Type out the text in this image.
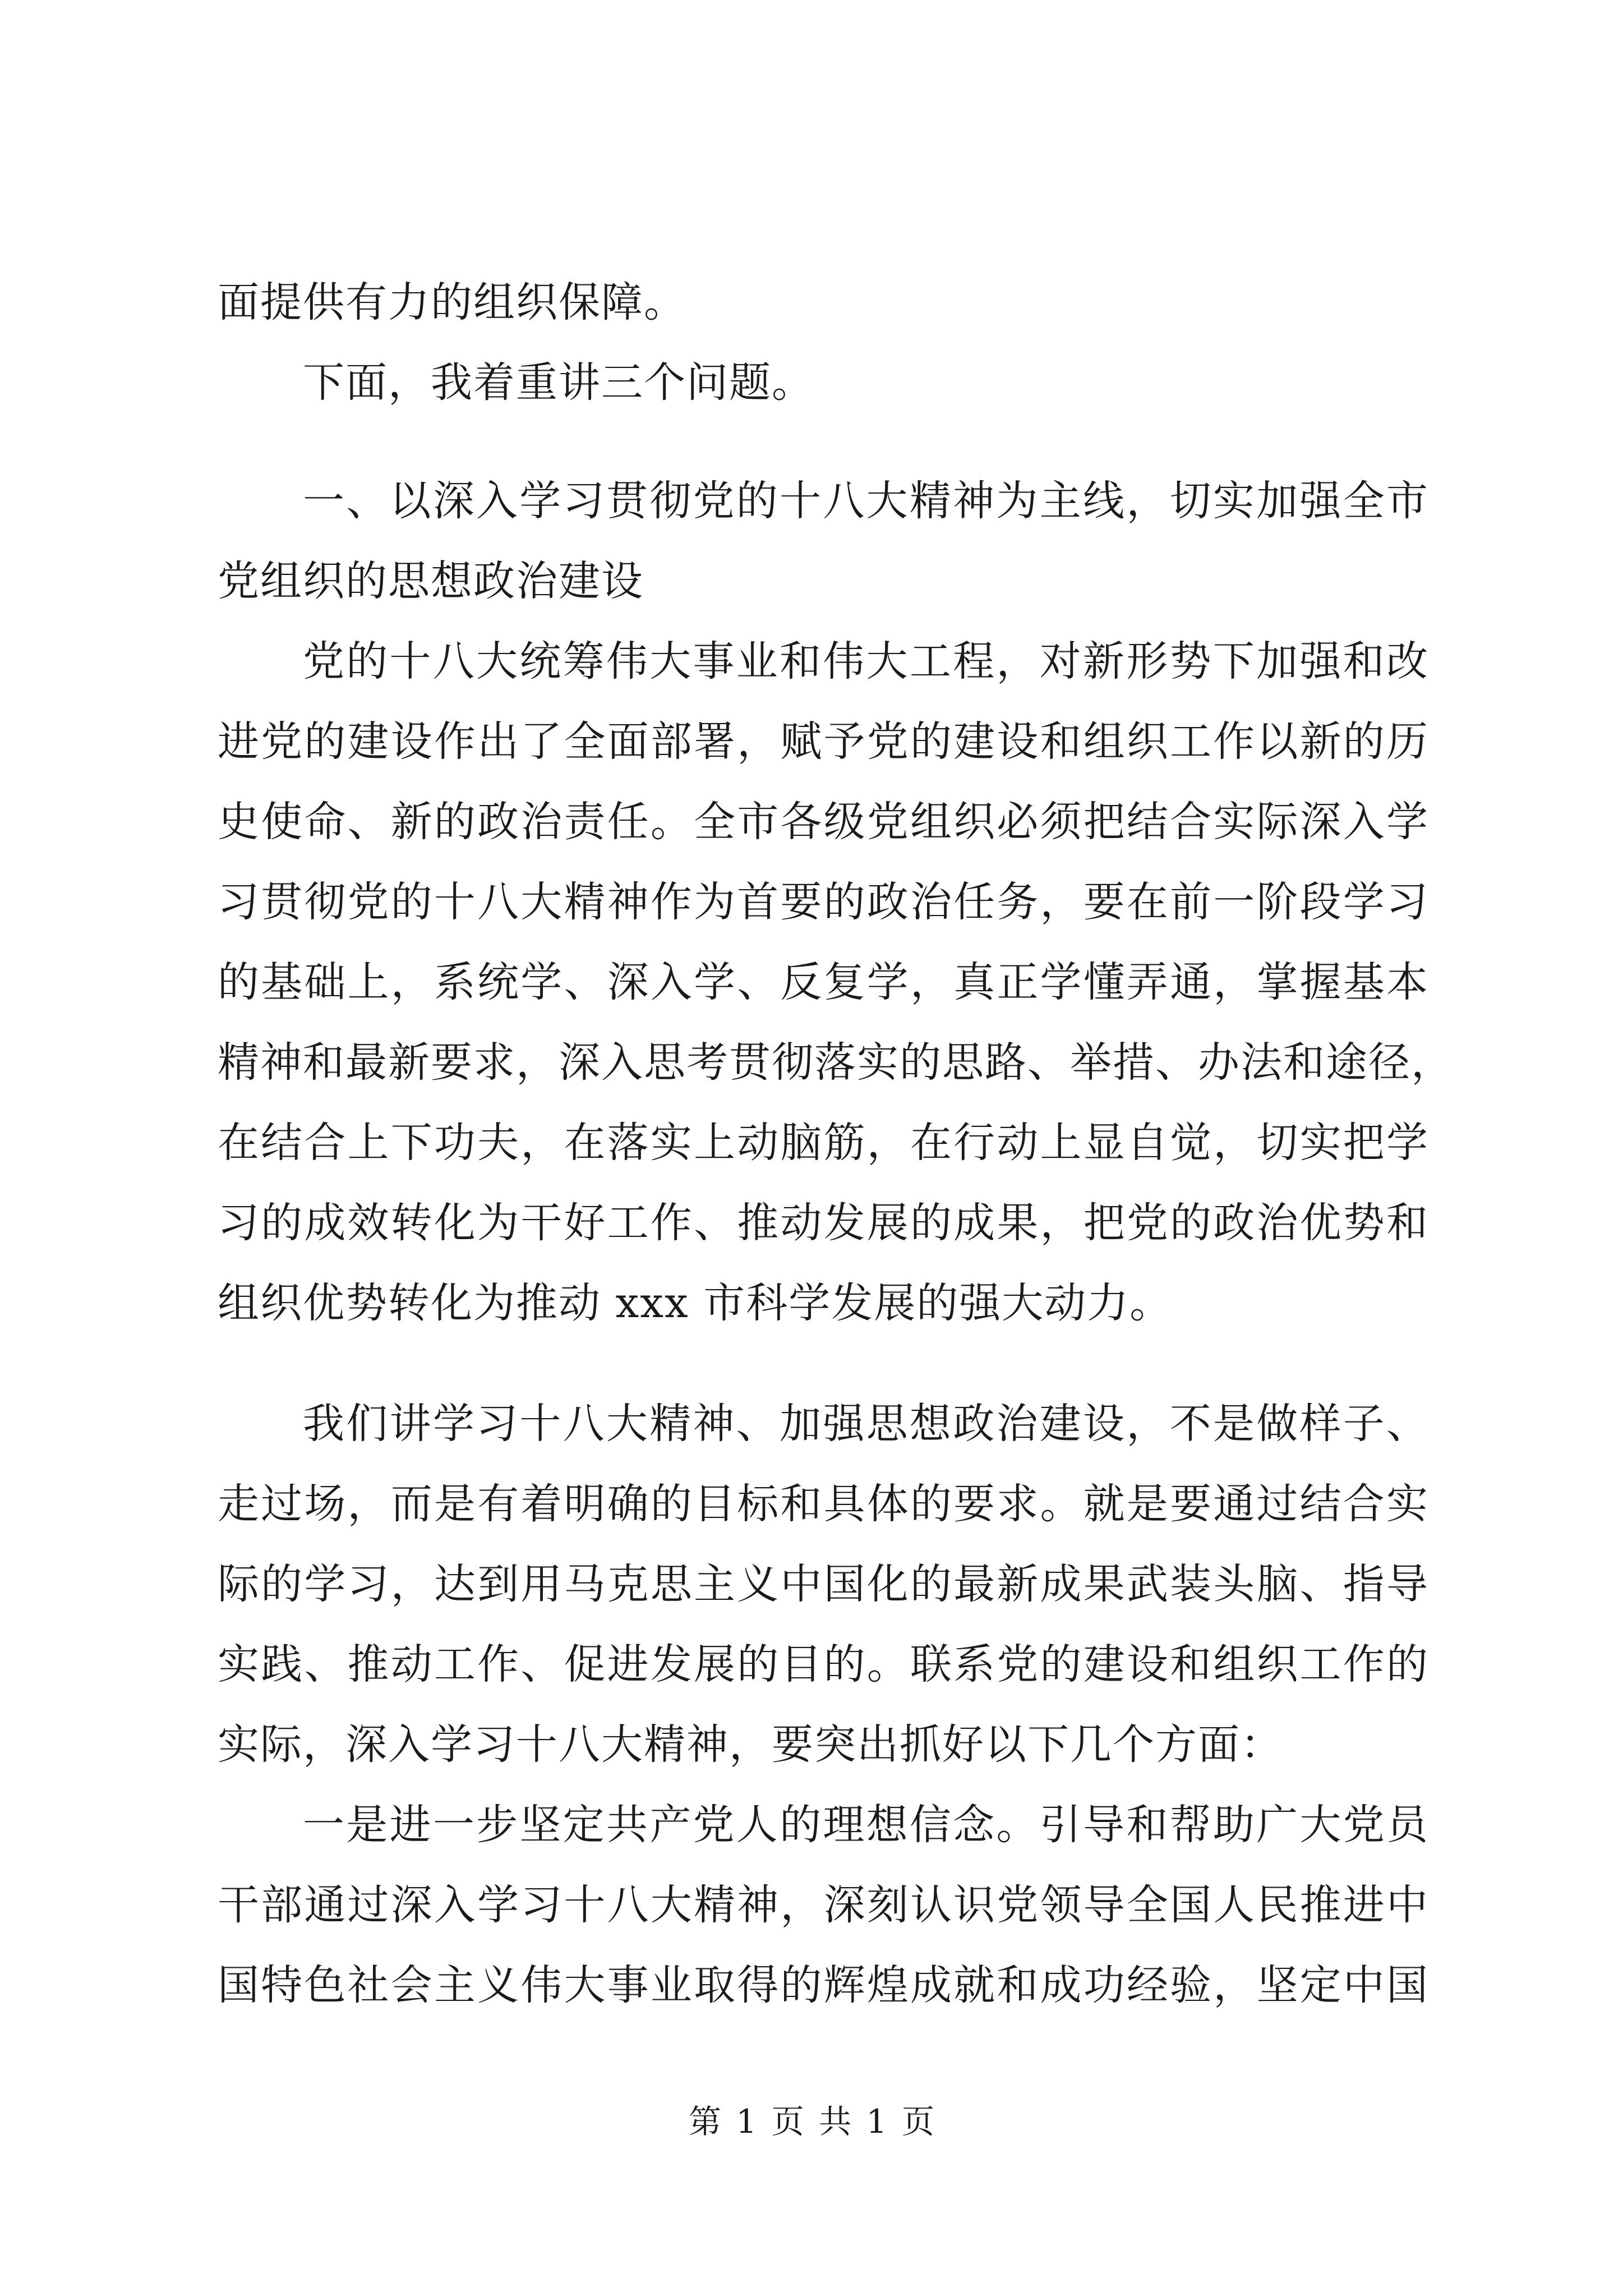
面提供有力的组织保障。

下面，我着重讲三个问题。

一、以深入学习贯彻党的十八大精神为主线，切实加强全市

党组织的思想政治建设

党的十八大统筹伟大事业和伟大工程，对新形势下加强和改

进党的建设作出了全面部署，赋予党的建设和组织工作以新的历

史使命、新的政治责任。全市各级党组织必须把结合实际深入学

习贯彻党的十八大精神作为首要的政治任务，要在前一阶段学习

的基础上，系统学、深入学、反复学，真正学懂弄通，掌握基本

精神和最新要求，深入思考贯彻落实的思路、举措、办法和途径，

在结合上下功夫，在落实上动脑筋，在行动上显自觉，切实把学

习的成效转化为干好工作、推动发展的成果，把党的政治优势和

组织优势转化为推动 xxx 市科学发展的强大动力。

我们讲学习十八大精神、加强思想政治建设，不是做样子、

走过场，而是有着明确的目标和具体的要求。就是要通过结合实

际的学习，达到用马克思主义中国化的最新成果武装头脑、指导

实践、推动工作、促进发展的目的。联系党的建设和组织工作的

实际，深入学习十八大精神，要突出抓好以下几个方面：

一是进一步坚定共产党人的理想信念。引导和帮助广大党员

干部通过深入学习十八大精神，深刻认识党领导全国人民推进中

国特色社会主义伟大事业取得的辉煌成就和成功经验，坚定中国

第 1 页 共 1 页
